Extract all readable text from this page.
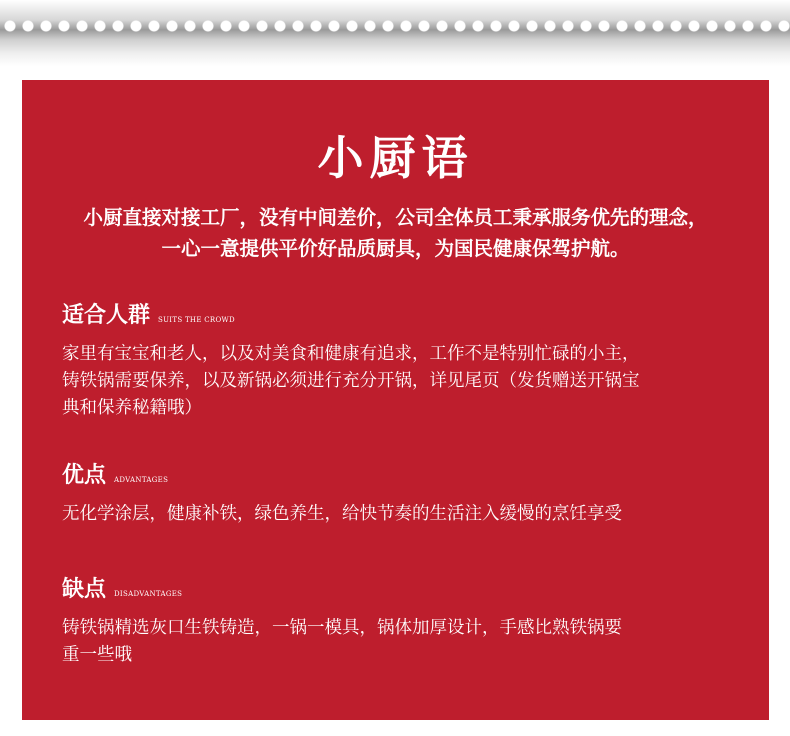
小厨语
小厨直接对接工厂，没有中间差价，公司全体员工秉承服务优先的理念，
一心一意提供平价好品质厨具，为国民健康保驾护航。
适合人群 SUITS THE CROWD
家里有宝宝和老人，以及对美食和健康有追求，工作不是特别忙碌的小主，
铸铁锅需要保养，以及新锅必须进行充分开锅，详见尾页（发货赠送开锅宝
典和保养秘籍哦）
优点 ADVANTAGES
无化学涂层，健康补铁，绿色养生，给快节奏的生活注入缓慢的烹饪享受
缺点 DISADVANTAGES
铸铁锅精选灰口生铁铸造，一锅一模具，锅体加厚设计，手感比熟铁锅要
重一些哦
